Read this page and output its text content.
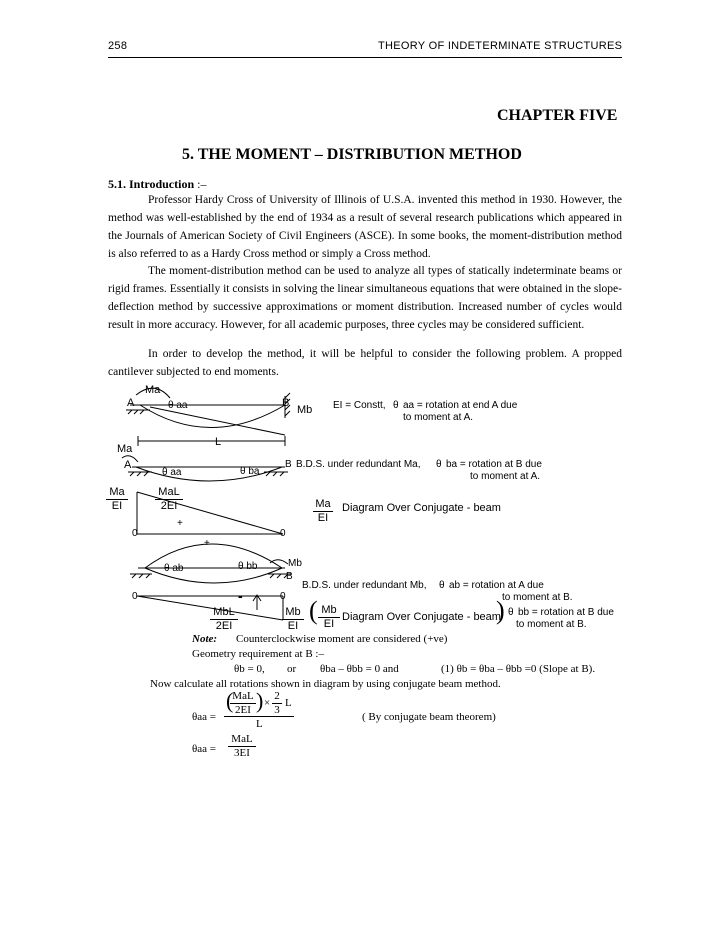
258	THEORY OF INDETERMINATE STRUCTURES
CHAPTER FIVE
5. THE MOMENT – DISTRIBUTION METHOD
5.1. Introduction :–

Professor Hardy Cross of University of Illinois of U.S.A. invented this method in 1930. However, the method was well-established by the end of 1934 as a result of several research publications which appeared in the Journals of American Society of Civil Engineers (ASCE). In some books, the moment-distribution method is also referred to as a Hardy Cross method or simply a Cross method.

The moment-distribution method can be used to analyze all types of statically indeterminate beams or rigid frames. Essentially it consists in solving the linear simultaneous equations that were obtained in the slope-deflection method by successive approximations or moment distribution. Increased number of cycles would result in more accuracy. However, for all academic purposes, three cycles may be considered sufficient.

In order to develop the method, it will be helpful to consider the following problem. A propped cantilever subjected to end moments.

Ma
A	θ aa	B
Mb EI = Constt, θ aa = rotation at end A due
to moment at A.
L
Ma
A
θ aa	θ ba
B B.D.S. under redundant Ma, θ ba = rotation at B due
to moment at A.
$\frac{Ma}{EI}$	MaL
2EI	$\frac{Ma}{EI}$ Diagram Over Conjugate - beam
+
0	0
+
Mb
θ ab	θ bb
B
B.D.S. under redundant Mb, θ ab = rotation at A due
to moment at B.
0	0
-
MbL
2EI	$\frac{Mb}{EI}$ ( $\frac{Mb}{EI}$ Diagram Over Conjugate - beam
) θ bb = rotation at B due
to moment at B.
Note: Counterclockwise moment are considered (+ve)
Geometry requirement at B :–
θb = 0, or θba – θbb = 0 and	(1) θb = θba – θbb =0 (Slope at B).
Now calculate all rotations shown in diagram by using conjugate beam method.
θaa =
(
MaL
2EI ) × $\frac{2}{3}$ L
L
( By conjugate beam theorem)
θaa =
MaL
3EI
